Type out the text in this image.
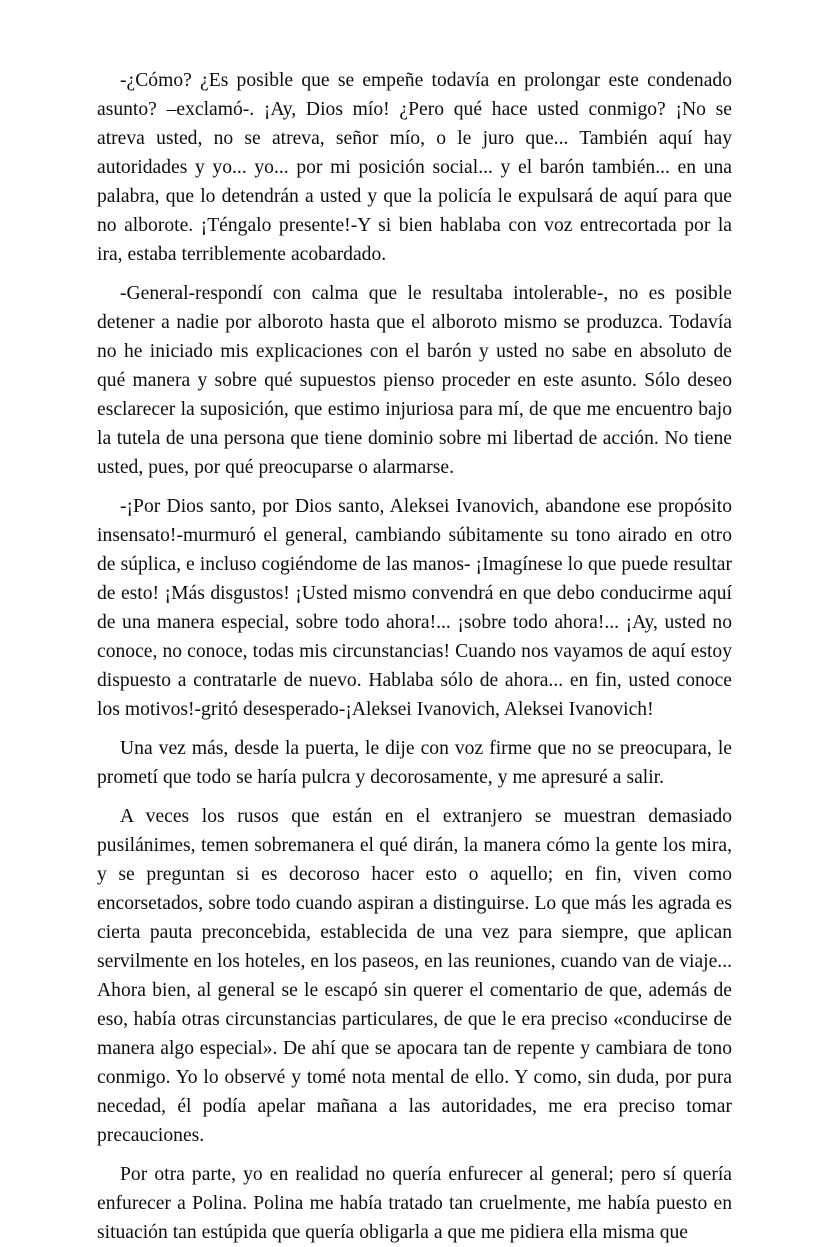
-¿Cómo? ¿Es posible que se empeñe todavía en prolongar este condenado asunto? –exclamó-. ¡Ay, Dios mío! ¿Pero qué hace usted conmigo? ¡No se atreva usted, no se atreva, señor mío, o le juro que... También aquí hay autoridades y yo... yo... por mi posición social... y el barón también... en una palabra, que lo detendrán a usted y que la policía le expulsará de aquí para que no alborote. ¡Téngalo presente!-Y si bien hablaba con voz entrecortada por la ira, estaba terriblemente acobardado.

-General-respondí con calma que le resultaba intolerable-, no es posible detener a nadie por alboroto hasta que el alboroto mismo se produzca. Todavía no he iniciado mis explicaciones con el barón y usted no sabe en absoluto de qué manera y sobre qué supuestos pienso proceder en este asunto. Sólo deseo esclarecer la suposición, que estimo injuriosa para mí, de que me encuentro bajo la tutela de una persona que tiene dominio sobre mi libertad de acción. No tiene usted, pues, por qué preocuparse o alarmarse.

-¡Por Dios santo, por Dios santo, Aleksei Ivanovich, abandone ese propósito insensato!-murmuró el general, cambiando súbitamente su tono airado en otro de súplica, e incluso cogiéndome de las manos- ¡Imagínese lo que puede resultar de esto! ¡Más disgustos! ¡Usted mismo convendrá en que debo conducirme aquí de una manera especial, sobre todo ahora!... ¡sobre todo ahora!... ¡Ay, usted no conoce, no conoce, todas mis circunstancias! Cuando nos vayamos de aquí estoy dispuesto a contratarle de nuevo. Hablaba sólo de ahora... en fin, usted conoce los motivos!-gritó desesperado-¡Aleksei Ivanovich, Aleksei Ivanovich!

Una vez más, desde la puerta, le dije con voz firme que no se preocupara, le prometí que todo se haría pulcra y decorosamente, y me apresuré a salir.

A veces los rusos que están en el extranjero se muestran demasiado pusilánimes, temen sobremanera el qué dirán, la manera cómo la gente los mira, y se preguntan si es decoroso hacer esto o aquello; en fin, viven como encorsetados, sobre todo cuando aspiran a distinguirse. Lo que más les agrada es cierta pauta preconcebida, establecida de una vez para siempre, que aplican servilmente en los hoteles, en los paseos, en las reuniones, cuando van de viaje... Ahora bien, al general se le escapó sin querer el comentario de que, además de eso, había otras circunstancias particulares, de que le era preciso «conducirse de manera algo especial». De ahí que se apocara tan de repente y cambiara de tono conmigo. Yo lo observé y tomé nota mental de ello. Y como, sin duda, por pura necedad, él podía apelar mañana a las autoridades, me era preciso tomar precauciones.

Por otra parte, yo en realidad no quería enfurecer al general; pero sí quería enfurecer a Polina. Polina me había tratado tan cruelmente, me había puesto en situación tan estúpida que quería obligarla a que me pidiera ella misma que
